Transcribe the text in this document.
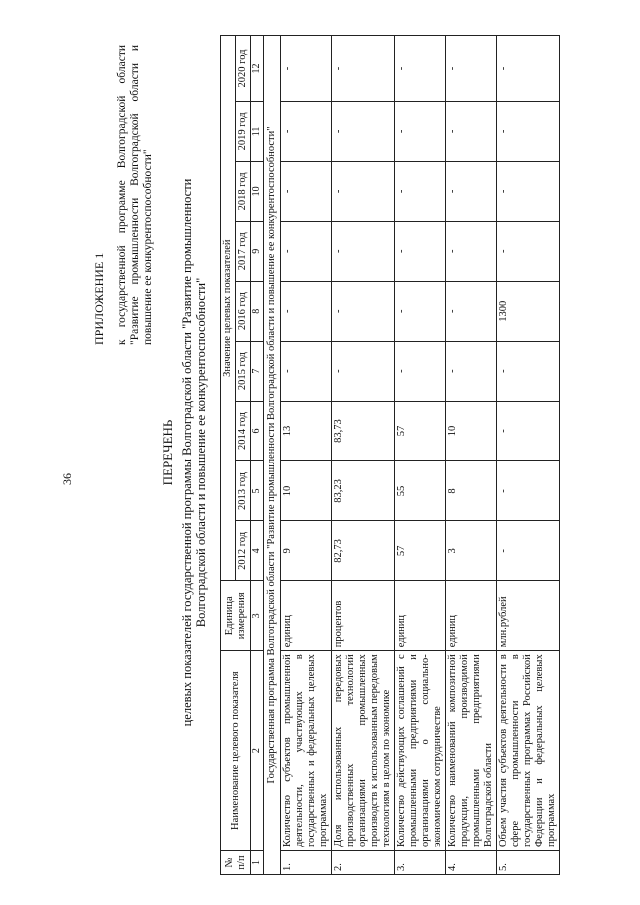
36
ПРИЛОЖЕНИЕ 1 к государственной программе Волгоградской области "Развитие промышленности Волгоградской области и повышение ее конкурентоспособности"
ПЕРЕЧЕНЬ целевых показателей государственной программы Волгоградской области "Развитие промышленности Волгоградской области и повышение ее конкурентоспособности"
№ п/п	Наименование целевого показателя	Единица измерения	Значение целевых показателей								
			2012 год	2013 год	2014 год	2015 год	2016 год	2017 год	2018 год	2019 год	2020 год
1	2	3	4	5	6	7	8	9	10	11	12
Государственная программа Волгоградской области "Развитие промышленности Волгоградской области и повышение ее конкурентоспособности"											
1.	Количество субъектов промышленной деятельности, участвующих в государственных и федеральных целевых программах	единиц	9	10	13	-	-	-	-	-	-
2.	Доля использованных передовых производственных технологий организациями промышленных производств к использованным передовым технологиям в целом по экономике	процентов	82,73	83,23	83,73	-	-	-	-	-	-
3.	Количество действующих соглашений с промышленными предприятиями и организациями о социально-экономическом сотрудничестве	единиц	57	55	57	-	-	-	-	-	-
4.	Количество наименований композитной продукции, производимой промышленными предприятиями Волгоградской области	единиц	3	8	10	-	-	-	-	-	-
5.	Объем участия субъектов деятельности в сфере промышленности в государственных программах Российской Федерации и федеральных целевых программах	млн.рублей	-	-	-	-	1300	-	-	-	-
